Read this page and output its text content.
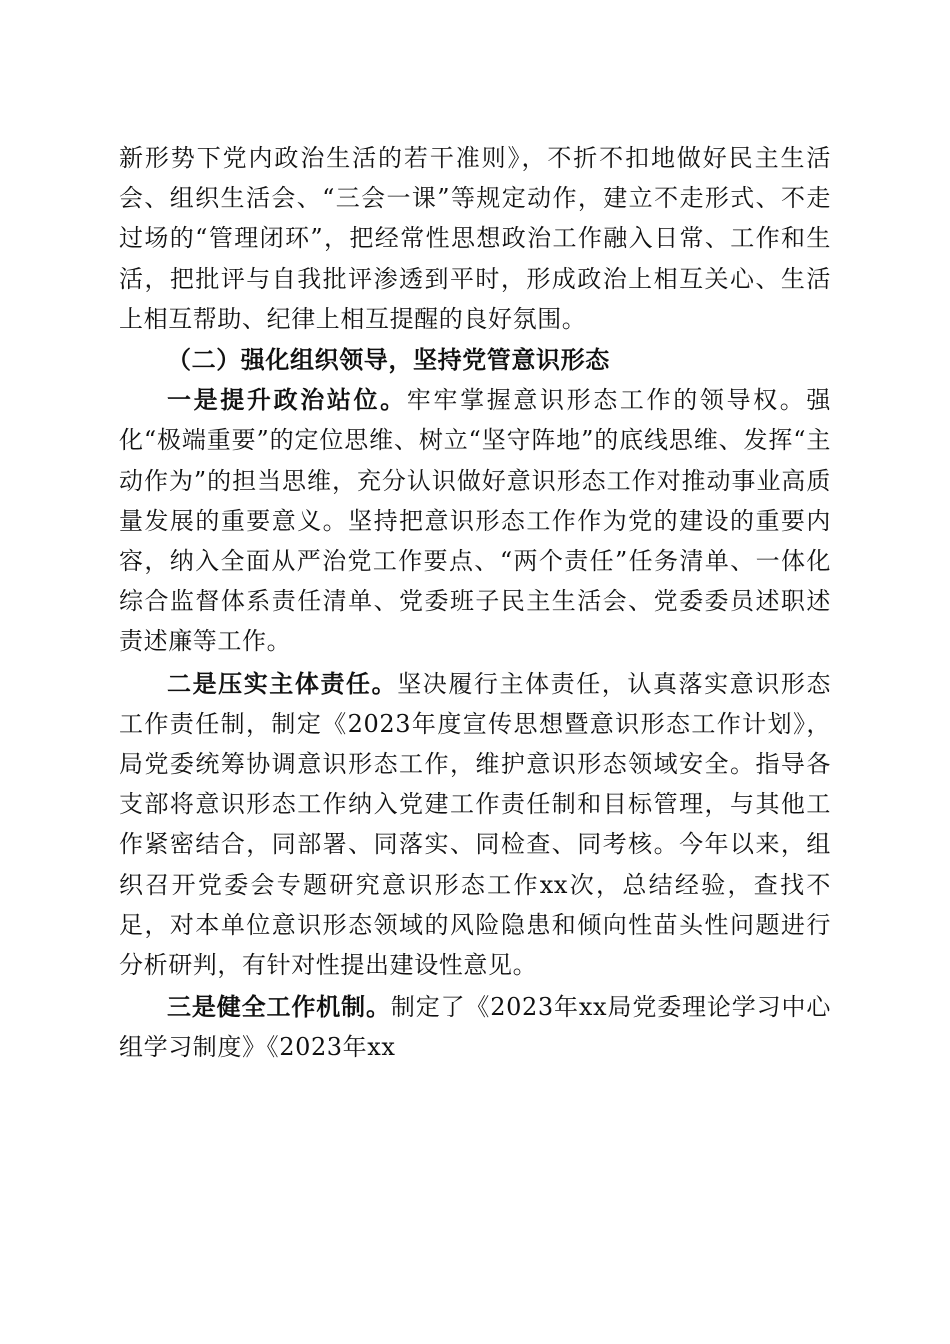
新形势下党内政治生活的若干准则》，不折不扣地做好民主生活会、组织生活会、“三会一课”等规定动作，建立不走形式、不走过场的“管理闭环”，把经常性思想政治工作融入日常、工作和生活，把批评与自我批评渗透到平时，形成政治上相互关心、生活上相互帮助、纪律上相互提醒的良好氛围。

（二）强化组织领导，坚持党管意识形态

一是提升政治站位。牢牢掌握意识形态工作的领导权。强化“极端重要”的定位思维、树立“坚守阵地”的底线思维、发挥“主动作为”的担当思维，充分认识做好意识形态工作对推动事业高质量发展的重要意义。坚持把意识形态工作作为党的建设的重要内容，纳入全面从严治党工作要点、“两个责任”任务清单、一体化综合监督体系责任清单、党委班子民主生活会、党委委员述职述责述廉等工作。

二是压实主体责任。坚决履行主体责任，认真落实意识形态工作责任制，制定《2023年度宣传思想暨意识形态工作计划》，局党委统筹协调意识形态工作，维护意识形态领域安全。指导各支部将意识形态工作纳入党建工作责任制和目标管理，与其他工作紧密结合，同部署、同落实、同检查、同考核。今年以来，组织召开党委会专题研究意识形态工作xx次，总结经验，查找不足，对本单位意识形态领域的风险隐患和倾向性苗头性问题进行分析研判，有针对性提出建设性意见。

三是健全工作机制。制定了《2023年xx局党委理论学习中心组学习制度》《2023年xx
